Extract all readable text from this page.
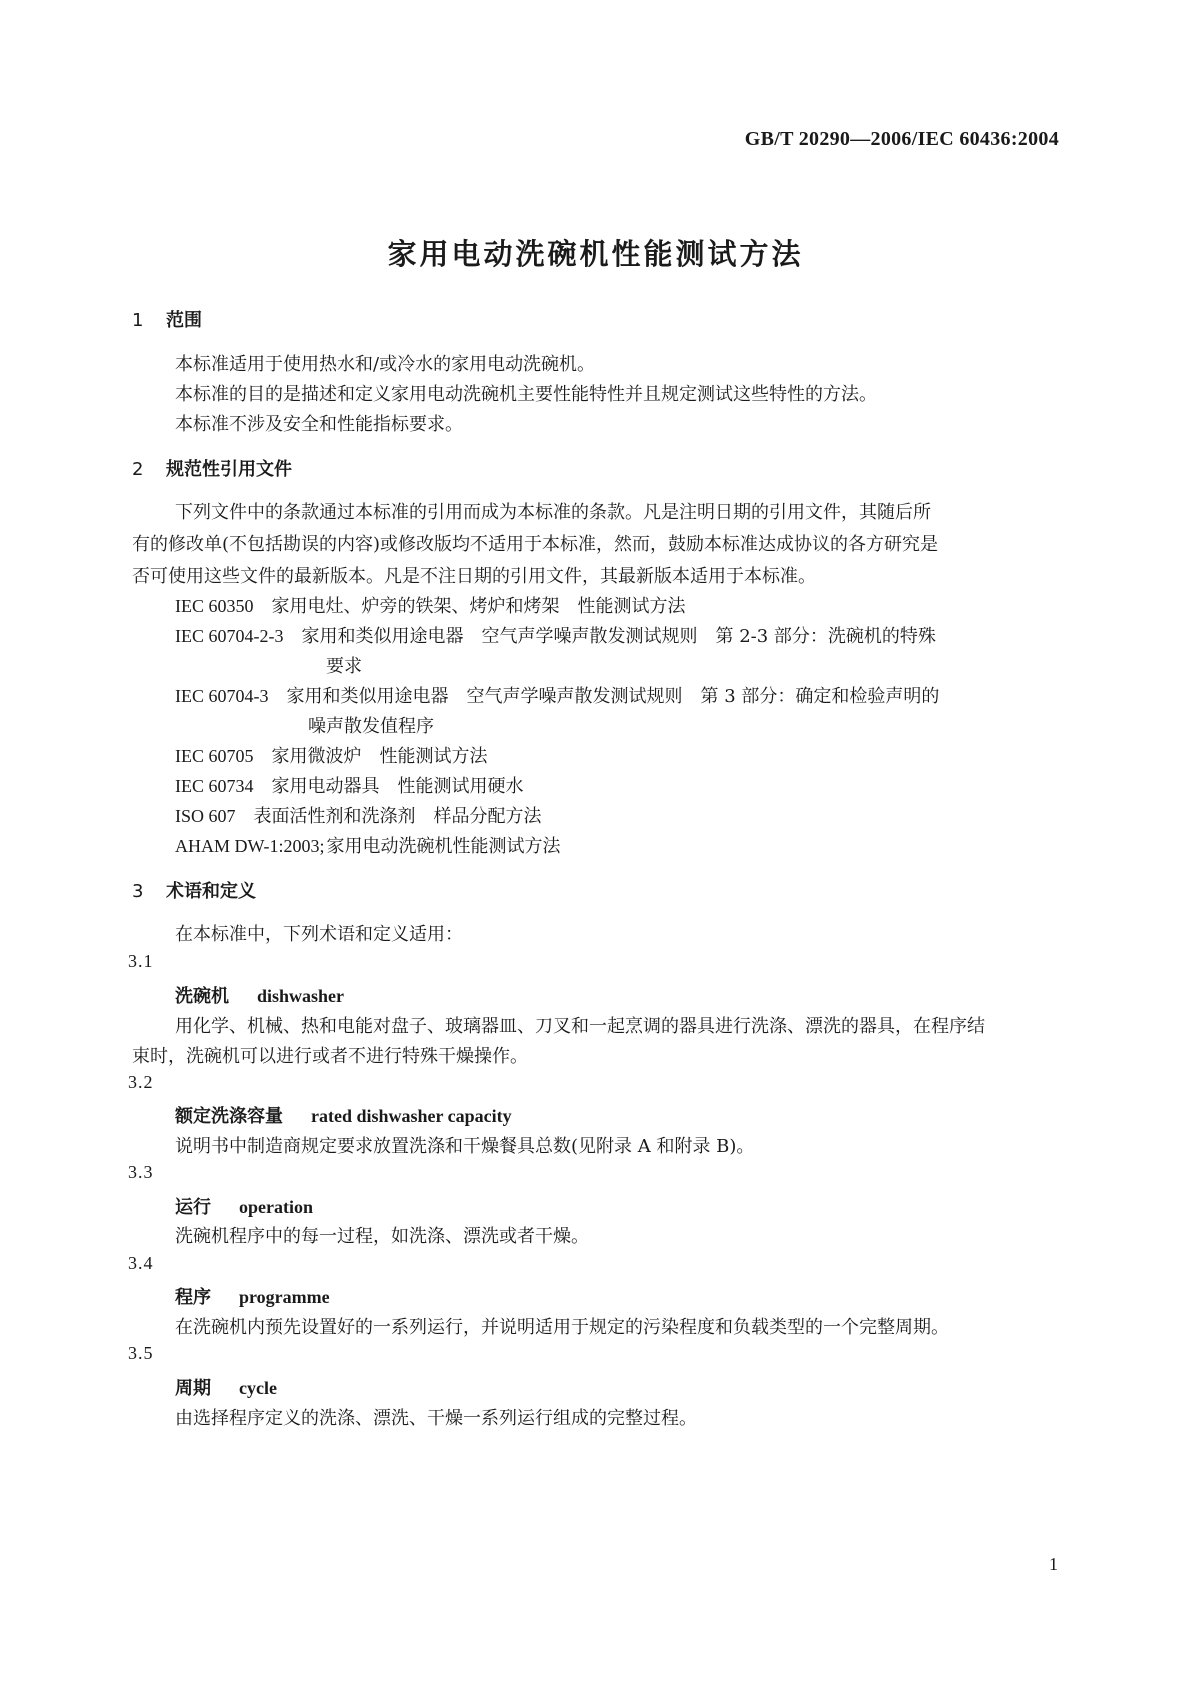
GB/T 20290—2006/IEC 60436:2004
家用电动洗碗机性能测试方法
1 范围
本标准适用于使用热水和/或冷水的家用电动洗碗机。
本标准的目的是描述和定义家用电动洗碗机主要性能特性并且规定测试这些特性的方法。
本标准不涉及安全和性能指标要求。
2 规范性引用文件
下列文件中的条款通过本标准的引用而成为本标准的条款。凡是注明日期的引用文件，其随后所
有的修改单(不包括勘误的内容)或修改版均不适用于本标准，然而，鼓励本标准达成协议的各方研究是
否可使用这些文件的最新版本。凡是不注日期的引用文件，其最新版本适用于本标准。
IEC 60350 家用电灶、炉旁的铁架、烤炉和烤架　性能测试方法
IEC 60704-2-3 家用和类似用途电器　空气声学噪声散发测试规则　第 2-3 部分：洗碗机的特殊
要求
IEC 60704-3 家用和类似用途电器　空气声学噪声散发测试规则　第 3 部分：确定和检验声明的
噪声散发值程序
IEC 60705 家用微波炉　性能测试方法
IEC 60734 家用电动器具　性能测试用硬水
ISO 607 表面活性剂和洗涤剂　样品分配方法
AHAM DW-1:2003; 家用电动洗碗机性能测试方法
3 术语和定义
在本标准中，下列术语和定义适用：
3.1
洗碗机 dishwasher
用化学、机械、热和电能对盘子、玻璃器皿、刀叉和一起烹调的器具进行洗涤、漂洗的器具，在程序结
束时，洗碗机可以进行或者不进行特殊干燥操作。
3.2
额定洗涤容量 rated dishwasher capacity
说明书中制造商规定要求放置洗涤和干燥餐具总数(见附录 A 和附录 B)。
3.3
运行 operation
洗碗机程序中的每一过程，如洗涤、漂洗或者干燥。
3.4
程序 programme
在洗碗机内预先设置好的一系列运行，并说明适用于规定的污染程度和负载类型的一个完整周期。
3.5
周期 cycle
由选择程序定义的洗涤、漂洗、干燥一系列运行组成的完整过程。
1
